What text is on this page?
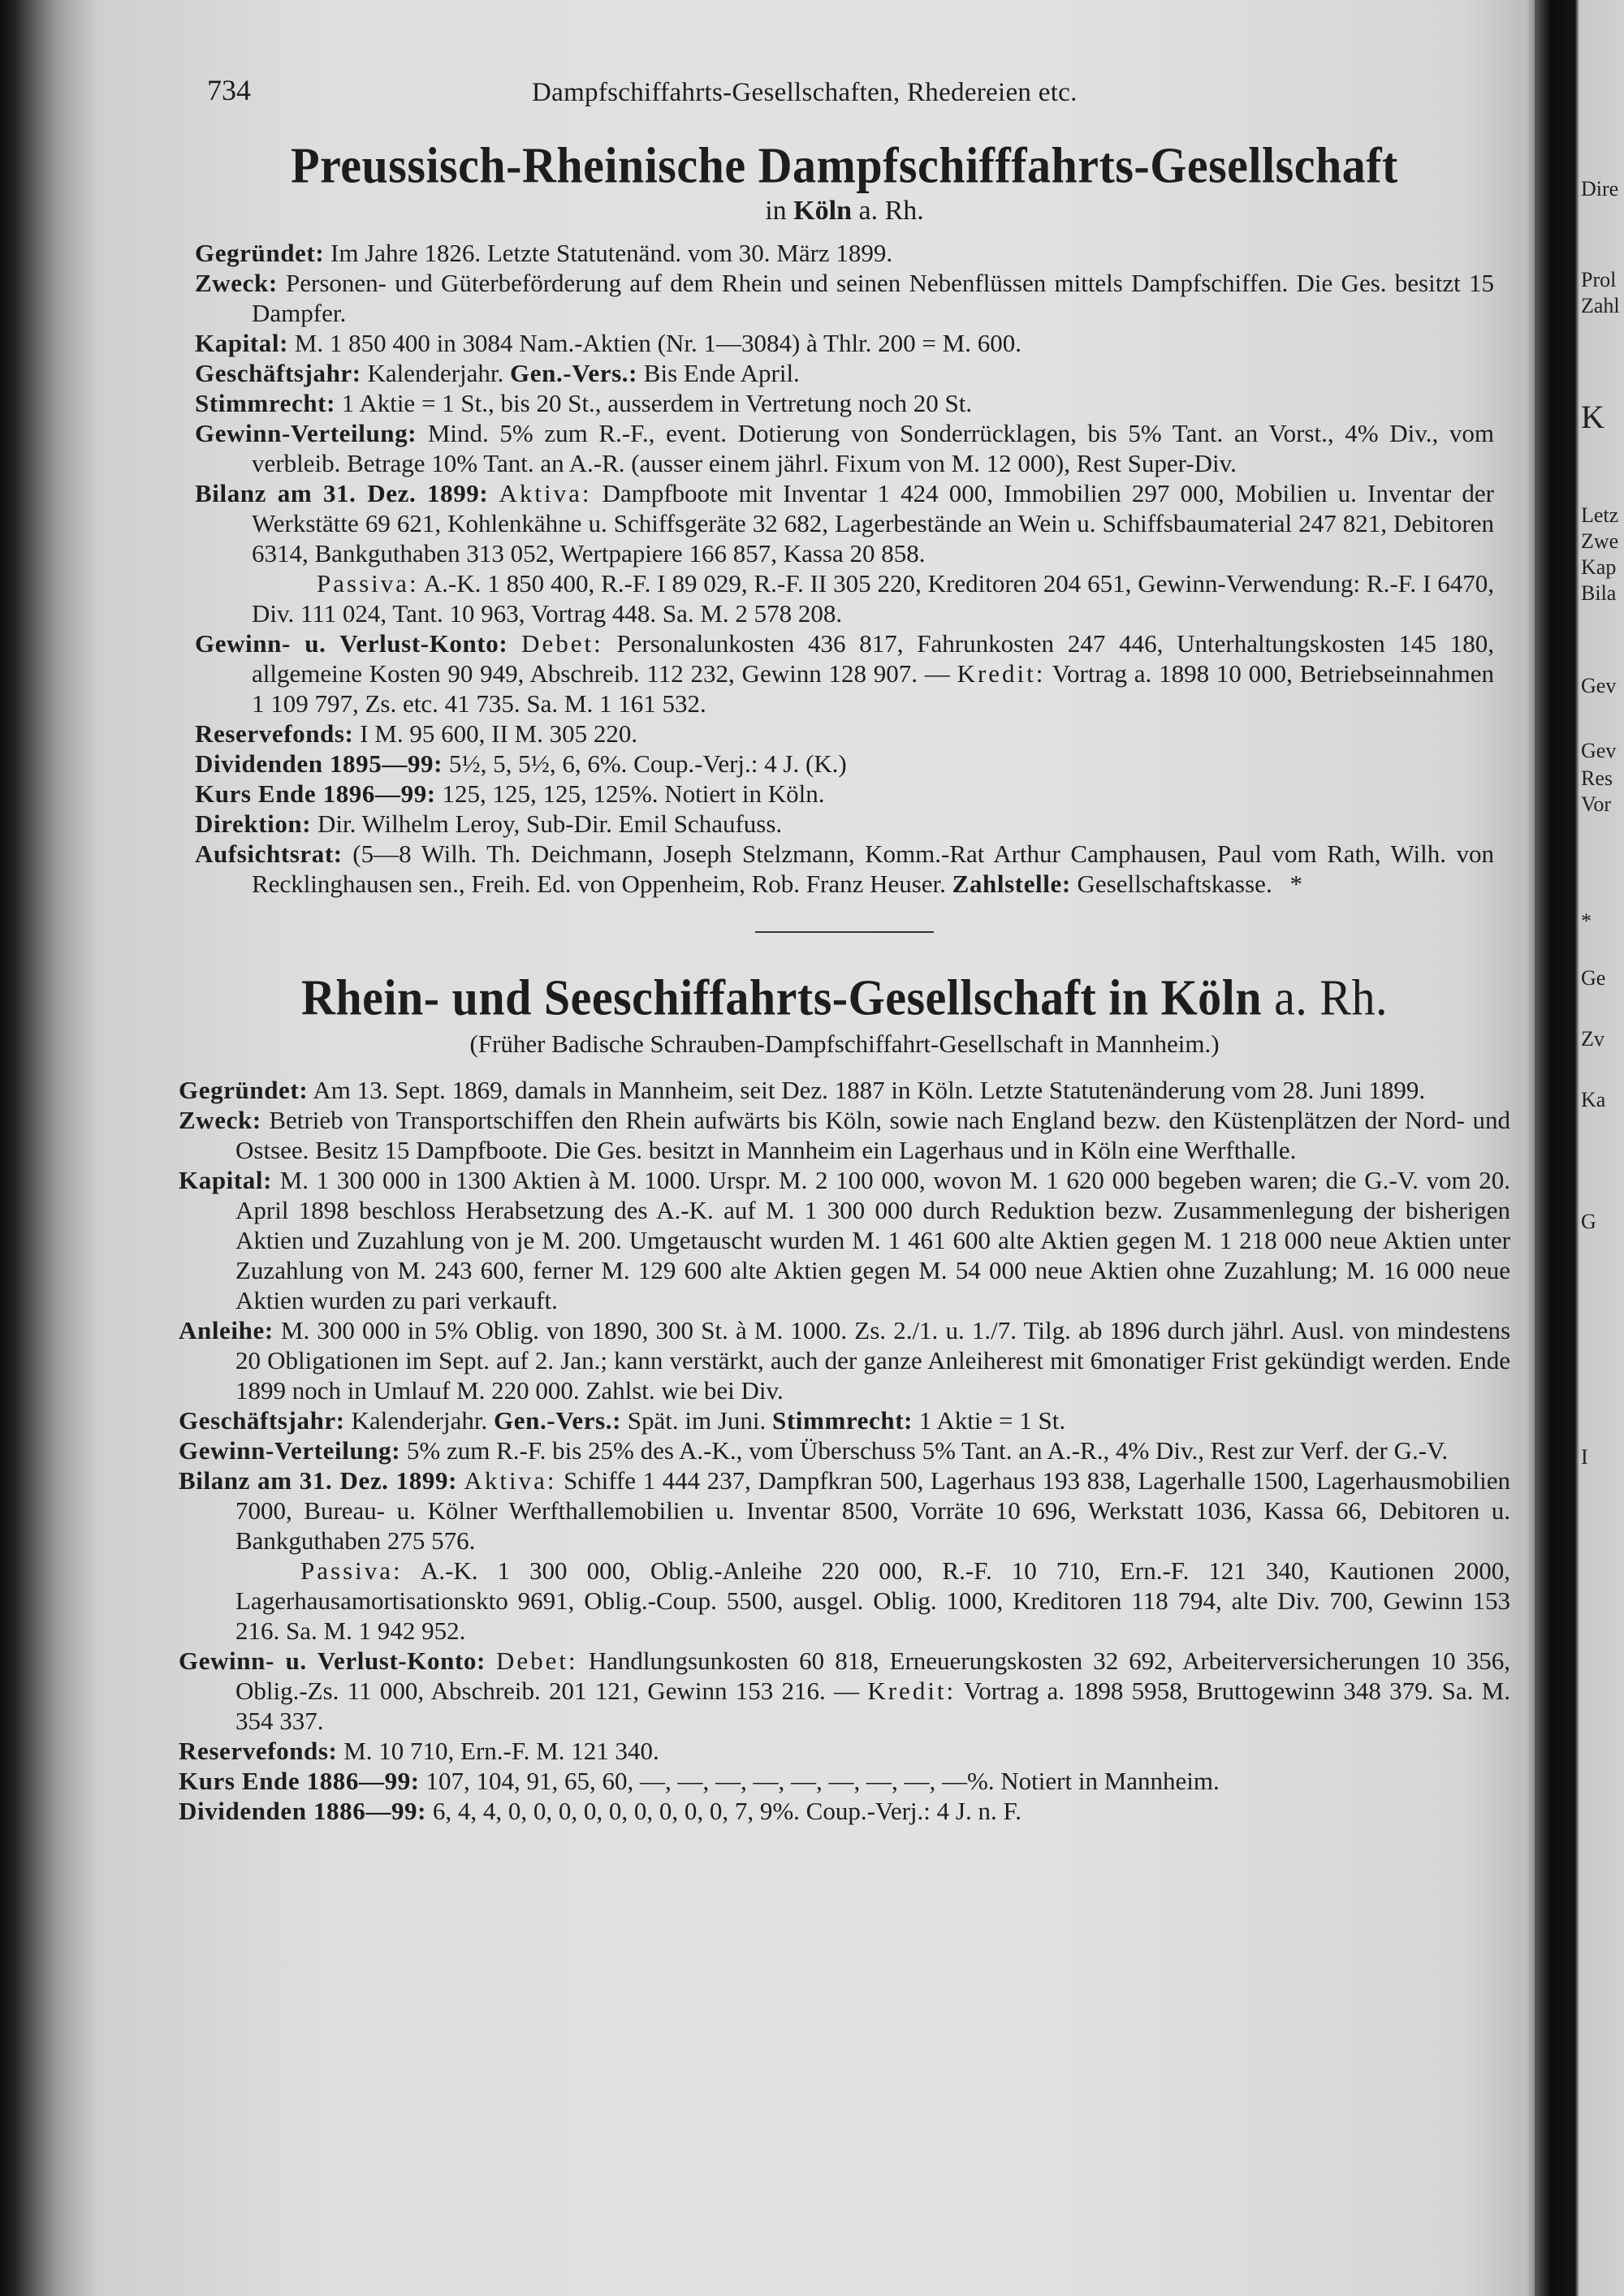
Dire
Prol
Zahl
K
Letz
Zwe
Kap
Bila
Gev
Gev
Res
Vor
*
Ge
Zv
Ka
G
I
734	Dampfschiffahrts-Gesellschaften, Rhedereien etc.
Preussisch-Rheinische Dampfschifffahrts-Gesellschaft
in Köln a. Rh.

Gegründet: Im Jahre 1826. Letzte Statutenänd. vom 30. März 1899.

Zweck: Personen- und Güterbeförderung auf dem Rhein und seinen Nebenflüssen mittels Dampfschiffen. Die Ges. besitzt 15 Dampfer.

Kapital: M. 1 850 400 in 3084 Nam.-Aktien (Nr. 1—3084) à Thlr. 200 = M. 600.

Geschäftsjahr: Kalenderjahr. Gen.-Vers.: Bis Ende April.

Stimmrecht: 1 Aktie = 1 St., bis 20 St., ausserdem in Vertretung noch 20 St.

Gewinn-Verteilung: Mind. 5% zum R.-F., event. Dotierung von Sonderrücklagen, bis 5% Tant. an Vorst., 4% Div., vom verbleib. Betrage 10% Tant. an A.-R. (ausser einem jährl. Fixum von M. 12 000), Rest Super-Div.

Bilanz am 31. Dez. 1899: Aktiva: Dampfboote mit Inventar 1 424 000, Immobilien 297 000, Mobilien u. Inventar der Werkstätte 69 621, Kohlenkähne u. Schiffsgeräte 32 682, Lagerbestände an Wein u. Schiffsbaumaterial 247 821, Debitoren 6314, Bankguthaben 313 052, Wertpapiere 166 857, Kassa 20 858.

Passiva: A.-K. 1 850 400, R.-F. I 89 029, R.-F. II 305 220, Kreditoren 204 651, Gewinn-Verwendung: R.-F. I 6470, Div. 111 024, Tant. 10 963, Vortrag 448. Sa. M. 2 578 208.

Gewinn- u. Verlust-Konto: Debet: Personalunkosten 436 817, Fahrunkosten 247 446, Unterhaltungskosten 145 180, allgemeine Kosten 90 949, Abschreib. 112 232, Gewinn 128 907. — Kredit: Vortrag a. 1898 10 000, Betriebseinnahmen 1 109 797, Zs. etc. 41 735. Sa. M. 1 161 532.

Reservefonds: I M. 95 600, II M. 305 220.

Dividenden 1895—99: 5½, 5, 5½, 6, 6%. Coup.-Verj.: 4 J. (K.)

Kurs Ende 1896—99: 125, 125, 125, 125%. Notiert in Köln.

Direktion: Dir. Wilhelm Leroy, Sub-Dir. Emil Schaufuss.

Aufsichtsrat: (5—8 Wilh. Th. Deichmann, Joseph Stelzmann, Komm.-Rat Arthur Camphausen, Paul vom Rath, Wilh. von Recklinghausen sen., Freih. Ed. von Oppenheim, Rob. Franz Heuser. Zahlstelle: Gesellschaftskasse. *

Rhein- und Seeschiffahrts-Gesellschaft in Köln a. Rh.
(Früher Badische Schrauben-Dampfschiffahrt-Gesellschaft in Mannheim.)

Gegründet: Am 13. Sept. 1869, damals in Mannheim, seit Dez. 1887 in Köln. Letzte Statutenänderung vom 28. Juni 1899.

Zweck: Betrieb von Transportschiffen den Rhein aufwärts bis Köln, sowie nach England bezw. den Küstenplätzen der Nord- und Ostsee. Besitz 15 Dampfboote. Die Ges. besitzt in Mannheim ein Lagerhaus und in Köln eine Werfthalle.

Kapital: M. 1 300 000 in 1300 Aktien à M. 1000. Urspr. M. 2 100 000, wovon M. 1 620 000 begeben waren; die G.-V. vom 20. April 1898 beschloss Herabsetzung des A.-K. auf M. 1 300 000 durch Reduktion bezw. Zusammenlegung der bisherigen Aktien und Zuzahlung von je M. 200. Umgetauscht wurden M. 1 461 600 alte Aktien gegen M. 1 218 000 neue Aktien unter Zuzahlung von M. 243 600, ferner M. 129 600 alte Aktien gegen M. 54 000 neue Aktien ohne Zuzahlung; M. 16 000 neue Aktien wurden zu pari verkauft.

Anleihe: M. 300 000 in 5% Oblig. von 1890, 300 St. à M. 1000. Zs. 2./1. u. 1./7. Tilg. ab 1896 durch jährl. Ausl. von mindestens 20 Obligationen im Sept. auf 2. Jan.; kann verstärkt, auch der ganze Anleiherest mit 6monatiger Frist gekündigt werden. Ende 1899 noch in Umlauf M. 220 000. Zahlst. wie bei Div.

Geschäftsjahr: Kalenderjahr. Gen.-Vers.: Spät. im Juni. Stimmrecht: 1 Aktie = 1 St.

Gewinn-Verteilung: 5% zum R.-F. bis 25% des A.-K., vom Überschuss 5% Tant. an A.-R., 4% Div., Rest zur Verf. der G.-V.

Bilanz am 31. Dez. 1899: Aktiva: Schiffe 1 444 237, Dampfkran 500, Lagerhaus 193 838, Lagerhalle 1500, Lagerhausmobilien 7000, Bureau- u. Kölner Werfthallemobilien u. Inventar 8500, Vorräte 10 696, Werkstatt 1036, Kassa 66, Debitoren u. Bankguthaben 275 576.

Passiva: A.-K. 1 300 000, Oblig.-Anleihe 220 000, R.-F. 10 710, Ern.-F. 121 340, Kautionen 2000, Lagerhausamortisationskto 9691, Oblig.-Coup. 5500, ausgel. Oblig. 1000, Kreditoren 118 794, alte Div. 700, Gewinn 153 216. Sa. M. 1 942 952.

Gewinn- u. Verlust-Konto: Debet: Handlungsunkosten 60 818, Erneuerungskosten 32 692, Arbeiterversicherungen 10 356, Oblig.-Zs. 11 000, Abschreib. 201 121, Gewinn 153 216. — Kredit: Vortrag a. 1898 5958, Bruttogewinn 348 379. Sa. M. 354 337.

Reservefonds: M. 10 710, Ern.-F. M. 121 340.

Kurs Ende 1886—99: 107, 104, 91, 65, 60, —, —, —, —, —, —, —, —, —%. Notiert in Mannheim.

Dividenden 1886—99: 6, 4, 4, 0, 0, 0, 0, 0, 0, 0, 0, 0, 7, 9%. Coup.-Verj.: 4 J. n. F.
